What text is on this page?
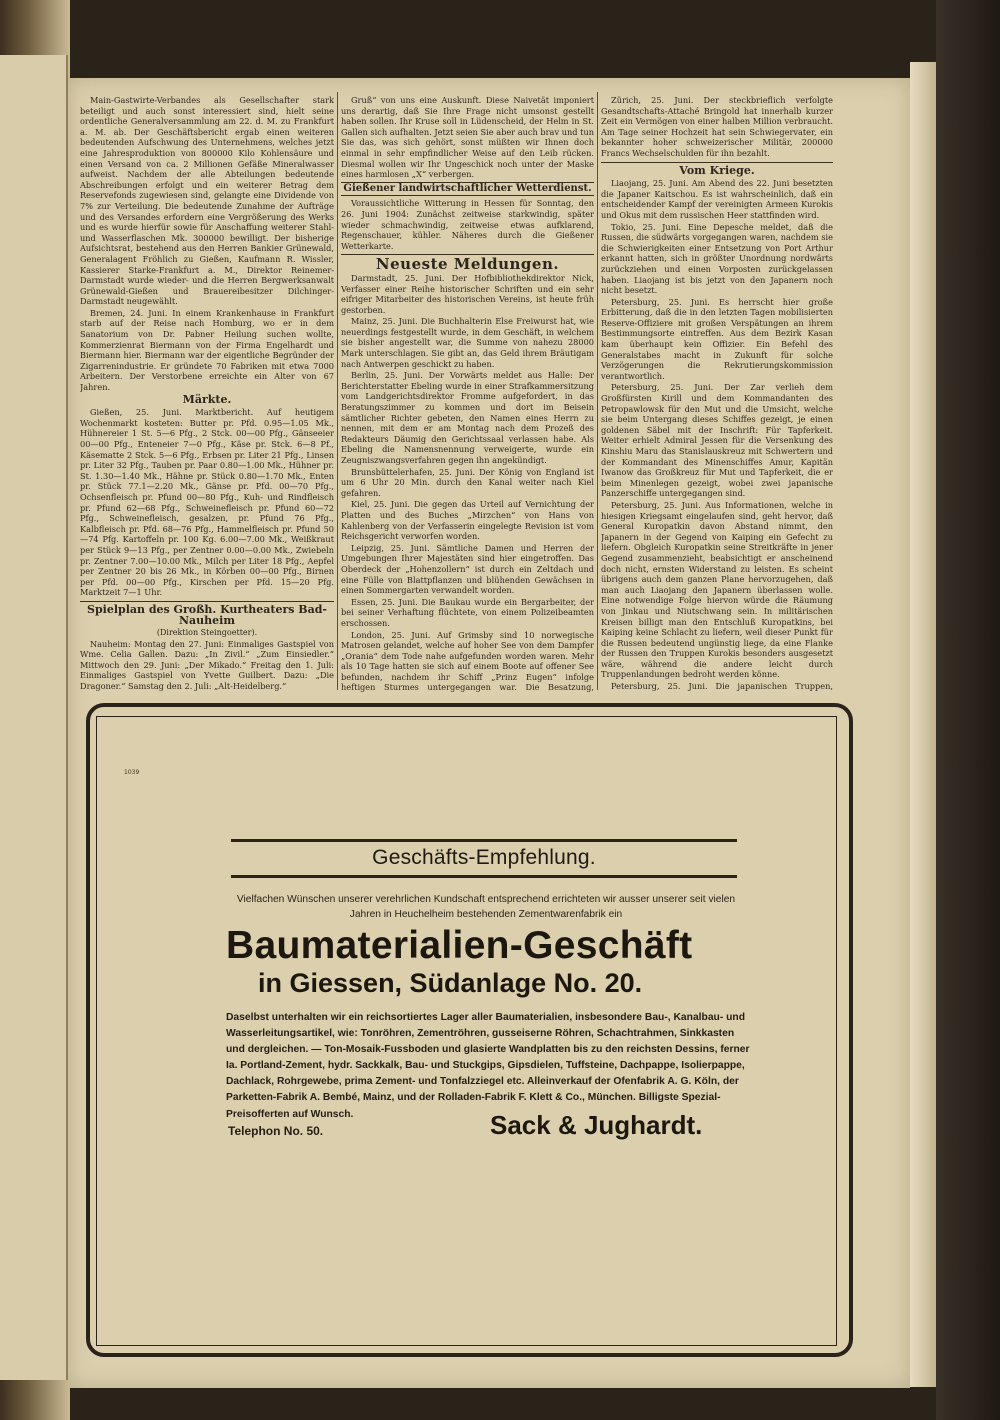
Main-Gastwirte-Verbandes als Gesellschafter stark beteiligt und auch sonst interessiert sind, hielt seine ordentliche Generalversammlung am 22. d. M. zu Frankfurt a. M. ab. Der Geschäftsbericht ergab einen weiteren bedeutenden Aufschwung des Unternehmens, welches jetzt eine Jahresproduktion von 800000 Kilo Kohlensäure und einen Versand von ca. 2 Millionen Gefäße Mineralwasser aufweist. Nachdem der alle Abteilungen bedeutende Abschreibungen erfolgt und ein weiterer Betrag dem Reservefonds zugewiesen sind, gelangte eine Dividende von 7% zur Verteilung. Die bedeutende Zunahme der Aufträge und des Versandes erfordern eine Vergrößerung des Werks und es wurde hierfür sowie für Anschaffung weiterer Stahl- und Wasserflaschen Mk. 300000 bewilligt. Der bisherige Aufsichtsrat, bestehend aus den Herren Bankier Grünewald, Generalagent Fröhlich zu Gießen, Kaufmann R. Wissler, Kassierer Starke-Frankfurt a. M., Direktor Reinemer-Darmstadt wurde wieder- und die Herren Bergwerksanwalt Grünewald-Gießen und Brauereibesitzer Dilchinger-Darmstadt neugewählt.

Bremen, 24. Juni. In einem Krankenhause in Frankfurt starb auf der Reise nach Homburg, wo er in dem Sanatorium von Dr. Pabner Heilung suchen wollte, Kommerzienrat Biermann von der Firma Engelhardt und Biermann hier. Biermann war der eigentliche Begründer der Zigarrenindustrie. Er gründete 70 Fabriken mit etwa 7000 Arbeitern. Der Verstorbene erreichte ein Alter von 67 Jahren.

Märkte.

Gießen, 25. Juni. Marktbericht. Auf heutigem Wochenmarkt kosteten: Butter pr. Pfd. 0.95—1.05 Mk., Hühnereier 1 St. 5—6 Pfg., 2 Stck. 00—00 Pfg., Gänseeier 00—00 Pfg., Enteneier 7—0 Pfg., Käse pr. Stck. 6—8 Pf., Käsematte 2 Stck. 5—6 Pfg., Erbsen pr. Liter 21 Pfg., Linsen pr. Liter 32 Pfg., Tauben pr. Paar 0.80—1.00 Mk., Hühner pr. St. 1.30—1.40 Mk., Hähne pr. Stück 0.80—1.70 Mk., Enten pr. Stück 77.1—2.20 Mk., Gänse pr. Pfd. 00—70 Pfg., Ochsenfleisch pr. Pfund 00—80 Pfg., Kuh- und Rindfleisch pr. Pfund 62—68 Pfg., Schweinefleisch pr. Pfund 60—72 Pfg., Schweinefleisch, gesalzen, pr. Pfund 76 Pfg., Kalbfleisch pr. Pfd. 68—76 Pfg., Hammelfleisch pr. Pfund 50—74 Pfg. Kartoffeln pr. 100 Kg. 6.00—7.00 Mk., Weißkraut per Stück 9—13 Pfg., per Zentner 0.00—0.00 Mk., Zwiebeln pr. Zentner 7.00—10.00 Mk., Milch per Liter 18 Pfg., Aepfel per Zentner 20 bis 26 Mk., in Körben 00—00 Pfg., Birnen per Pfd. 00—00 Pfg., Kirschen per Pfd. 15—20 Pfg. Marktzeit 7—1 Uhr.

Spielplan des Großh. Kurtheaters Bad-Nauheim
(Direktion Steingoetter).

Nauheim: Montag den 27. Juni: Einmaliges Gastspiel von Wme. Celia Gallen. Dazu: „In Zivil.“ „Zum Einsiedler.“ Mittwoch den 29. Juni: „Der Mikado.“ Freitag den 1. Juli: Einmaliges Gastspiel von Yvette Guilbert. Dazu: „Die Dragoner.“ Samstag den 2. Juli: „Alt-Heidelberg.“

Gruß“ von uns eine Auskunft. Diese Naivetät imponiert uns derartig, daß Sie Ihre Frage nicht umsonst gestellt haben sollen. Ihr Kruse soll in Lüdenscheid, der Helm in St. Gallen sich aufhalten. Jetzt seien Sie aber auch brav und tun Sie das, was sich gehört, sonst müßten wir Ihnen doch einmal in sehr empfindlicher Weise auf den Leib rücken. Diesmal wollen wir Ihr Ungeschick noch unter der Maske eines harmlosen „X“ verbergen.

Gießener landwirtschaftlicher Wetterdienst.

Voraussichtliche Witterung in Hessen für Sonntag, den 26. Juni 1904: Zunächst zeitweise starkwindig, später wieder schmachwindig, zeitweise etwas aufklarend, Regenschauer, kühler. Näheres durch die Gießener Wetterkarte.

Neueste Meldungen.

Darmstadt, 25. Juni. Der Hofbibliothekdirektor Nick, Verfasser einer Reihe historischer Schriften und ein sehr eifriger Mitarbeiter des historischen Vereins, ist heute früh gestorben.

Mainz, 25. Juni. Die Buchhalterin Else Freiwurst hat, wie neuerdings festgestellt wurde, in dem Geschäft, in welchem sie bisher angestellt war, die Summe von nahezu 28000 Mark unterschlagen. Sie gibt an, das Geld ihrem Bräutigam nach Antwerpen geschickt zu haben.

Berlin, 25. Juni. Der Vorwärts meldet aus Halle: Der Berichterstatter Ebeling wurde in einer Strafkammersitzung vom Landgerichtsdirektor Fromme aufgefordert, in das Beratungszimmer zu kommen und dort im Beisein sämtlicher Richter gebeten, den Namen eines Herrn zu nennen, mit dem er am Montag nach dem Prozeß des Redakteurs Däumig den Gerichtssaal verlassen habe. Als Ebeling die Namensnennung verweigerte, wurde ein Zeugniszwangsverfahren gegen ihn angekündigt.

Brunsbüttelerhafen, 25. Juni. Der König von England ist um 6 Uhr 20 Min. durch den Kanal weiter nach Kiel gefahren.

Kiel, 25. Juni. Die gegen das Urteil auf Vernichtung der Platten und des Buches „Mirzchen“ von Hans von Kahlenberg von der Verfasserin eingelegte Revision ist vom Reichsgericht verworfen worden.

Leipzig, 25. Juni. Sämtliche Damen und Herren der Umgebungen Ihrer Majestäten sind hier eingetroffen. Das Oberdeck der „Hohenzollern“ ist durch ein Zeltdach und eine Fülle von Blattpflanzen und blühenden Gewächsen in einen Sommergarten verwandelt worden.

Essen, 25. Juni. Die Baukau wurde ein Bergarbeiter, der bei seiner Verhaftung flüchtete, von einem Polizeibeamten erschossen.

London, 25. Juni. Auf Grimsby sind 10 norwegische Matrosen gelandet, welche auf hoher See von dem Dampfer „Orania“ dem Tode nahe aufgefunden worden waren. Mehr als 10 Tage hatten sie sich auf einem Boote auf offener See befunden, nachdem ihr Schiff „Prinz Eugen“ infolge heftigen Sturmes untergegangen war. Die Besatzung,

Zürich, 25. Juni. Der steckbrieflich verfolgte Gesandtschafts-Attaché Bringold hat innerhalb kurzer Zeit ein Vermögen von einer halben Million verbraucht. Am Tage seiner Hochzeit hat sein Schwiegervater, ein bekannter hoher schweizerischer Militär, 200000 Francs Wechselschulden für ihn bezahlt.

Vom Kriege.

Liaojang, 25. Juni. Am Abend des 22. Juni besetzten die Japaner Kaitschou. Es ist wahrscheinlich, daß ein entscheidender Kampf der vereinigten Armeen Kurokis und Okus mit dem russischen Heer stattfinden wird.

Tokio, 25. Juni. Eine Depesche meldet, daß die Russen, die südwärts vorgegangen waren, nachdem sie die Schwierigkeiten einer Entsetzung von Port Arthur erkannt hatten, sich in größter Unordnung nordwärts zurückziehen und einen Vorposten zurückgelassen haben. Liaojang ist bis jetzt von den Japanern noch nicht besetzt.

Petersburg, 25. Juni. Es herrscht hier große Erbitterung, daß die in den letzten Tagen mobilisierten Reserve-Offiziere mit großen Verspätungen an ihrem Bestimmungsorte eintreffen. Aus dem Bezirk Kasan kam überhaupt kein Offizier. Ein Befehl des Generalstabes macht in Zukunft für solche Verzögerungen die Rekrutierungskommission verantwortlich.

Petersburg, 25. Juni. Der Zar verlieh dem Großfürsten Kirill und dem Kommandanten des Petropawlowsk für den Mut und die Umsicht, welche sie beim Untergang dieses Schiffes gezeigt, je einen goldenen Säbel mit der Inschrift: Für Tapferkeit. Weiter erhielt Admiral Jessen für die Versenkung des Kinshiu Maru das Stanislauskreuz mit Schwertern und der Kommandant des Minenschiffes Amur, Kapitän Iwanow das Großkreuz für Mut und Tapferkeit, die er beim Minenlegen gezeigt, wobei zwei japanische Panzerschiffe untergegangen sind.

Petersburg, 25. Juni. Aus Informationen, welche in hiesigen Kriegsamt eingelaufen sind, geht hervor, daß General Kuropatkin davon Abstand nimmt, den Japanern in der Gegend von Kaiping ein Gefecht zu liefern. Obgleich Kuropatkin seine Streitkräfte in jener Gegend zusammenzieht, beabsichtigt er anscheinend doch nicht, ernsten Widerstand zu leisten. Es scheint übrigens auch dem ganzen Plane hervorzugehen, daß man auch Liaojang den Japanern überlassen wolle. Eine notwendige Folge hiervon würde die Räumung von Jinkau und Niutschwang sein. In militärischen Kreisen billigt man den Entschluß Kuropatkins, bei Kaiping keine Schlacht zu liefern, weil dieser Punkt für die Russen bedeutend ungünstig liege, da eine Flanke der Russen den Truppen Kurokis besonders ausgesetzt wäre, während die andere leicht durch Truppenlandungen bedroht werden könne.

Petersburg, 25. Juni. Die japanischen Truppen,

1039
Geschäfts-Empfehlung.
Vielfachen Wünschen unserer verehrlichen Kundschaft entsprechend errichteten wir ausser unserer seit vielen Jahren in Heuchelheim bestehenden Zementwarenfabrik ein
Baumaterialien-Geschäft
in Giessen, Südanlage No. 20.
Daselbst unterhalten wir ein reichsortiertes Lager aller Baumaterialien, insbesondere Bau-, Kanalbau- und Wasserleitungsartikel, wie: Tonröhren, Zementröhren, gusseiserne Röhren, Schachtrahmen, Sinkkasten und dergleichen. — Ton-Mosaik-Fussboden und glasierte Wandplatten bis zu den reichsten Dessins, ferner Ia. Portland-Zement, hydr. Sackkalk, Bau- und Stuckgips, Gipsdielen, Tuffsteine, Dachpappe, Isolierpappe, Dachlack, Rohrgewebe, prima Zement- und Tonfalzziegel etc. Alleinverkauf der Ofenfabrik A. G. Köln, der Parketten-Fabrik A. Bembé, Mainz, und der Rolladen-Fabrik F. Klett & Co., München. Billigste Spezial-Preisofferten auf Wunsch.
Telephon No. 50.	Sack & Jughardt.
